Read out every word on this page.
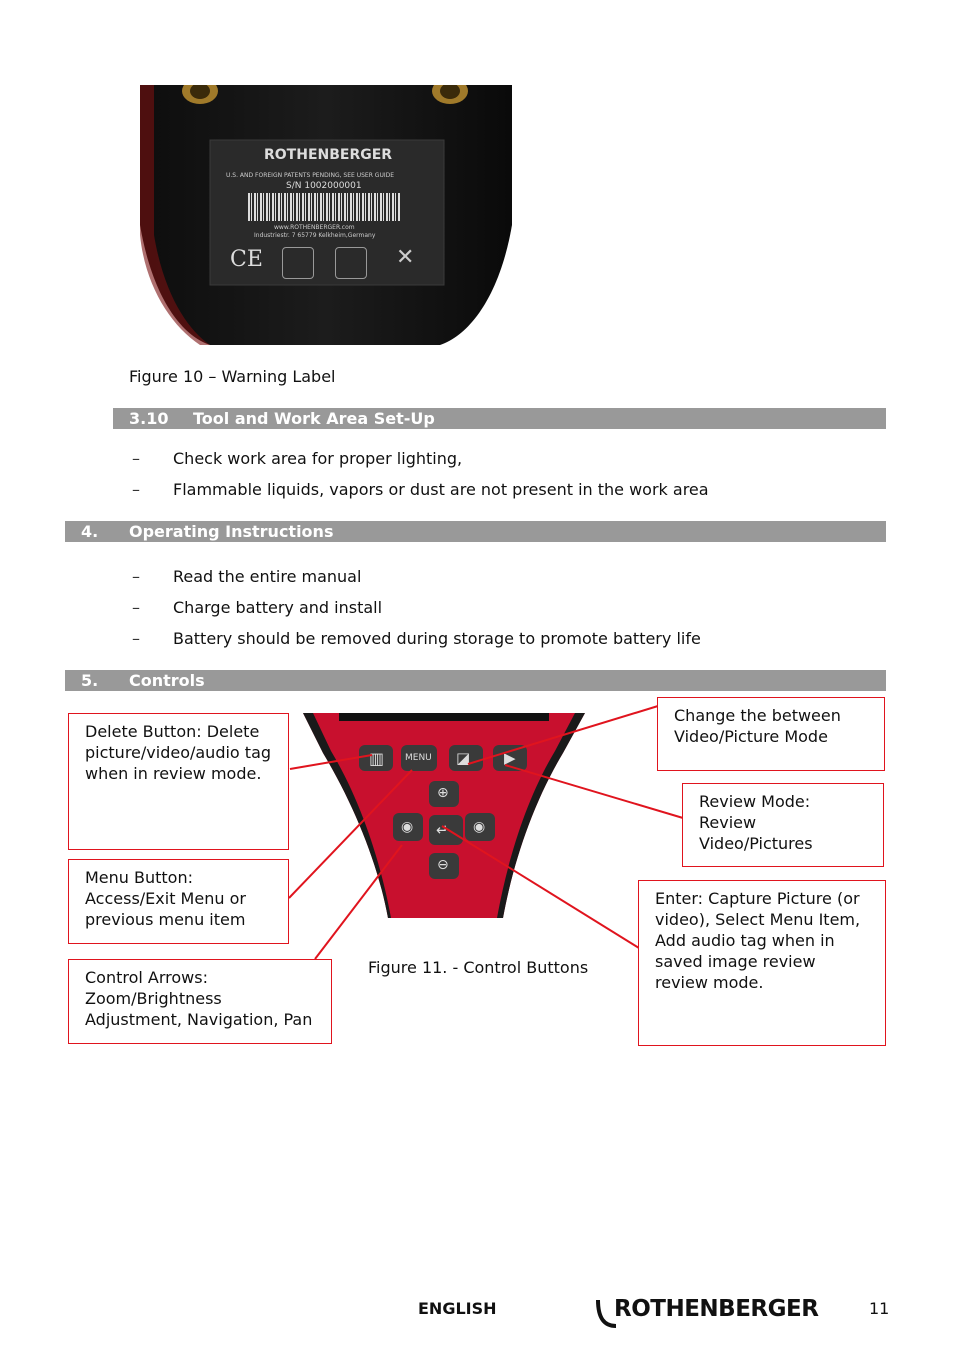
ROTHENBERGER
U.S. AND FOREIGN PATENTS PENDING, SEE USER GUIDE
S/N 1002000001
www.ROTHENBERGER.com
Industriestr. 7 65779 Kelkheim,Germany
CE	✕
Figure 10 – Warning Label
3.10 Tool and Work Area Set-Up
– Check work area for proper lighting,
– Flammable liquids, vapors or dust are not present in the work area
4. Operating Instructions
– Read the entire manual
– Charge battery and install
– Battery should be removed during storage to promote battery life
5. Controls
▥ MENU ◪ ▶
⊕
◉ ↵ ◉
⊖
Figure 11. - Control Buttons
Delete Button: Delete picture/video/audio tag when in review mode.
Menu Button: Access/Exit Menu or previous menu item
Control Arrows: Zoom/Brightness Adjustment, Navigation, Pan
Change the between Video/Picture Mode
Review Mode: Review Video/Pictures
Enter: Capture Picture (or video), Select Menu Item, Add audio tag when in saved image review review mode.
ENGLISH	ROTHENBERGER	11
